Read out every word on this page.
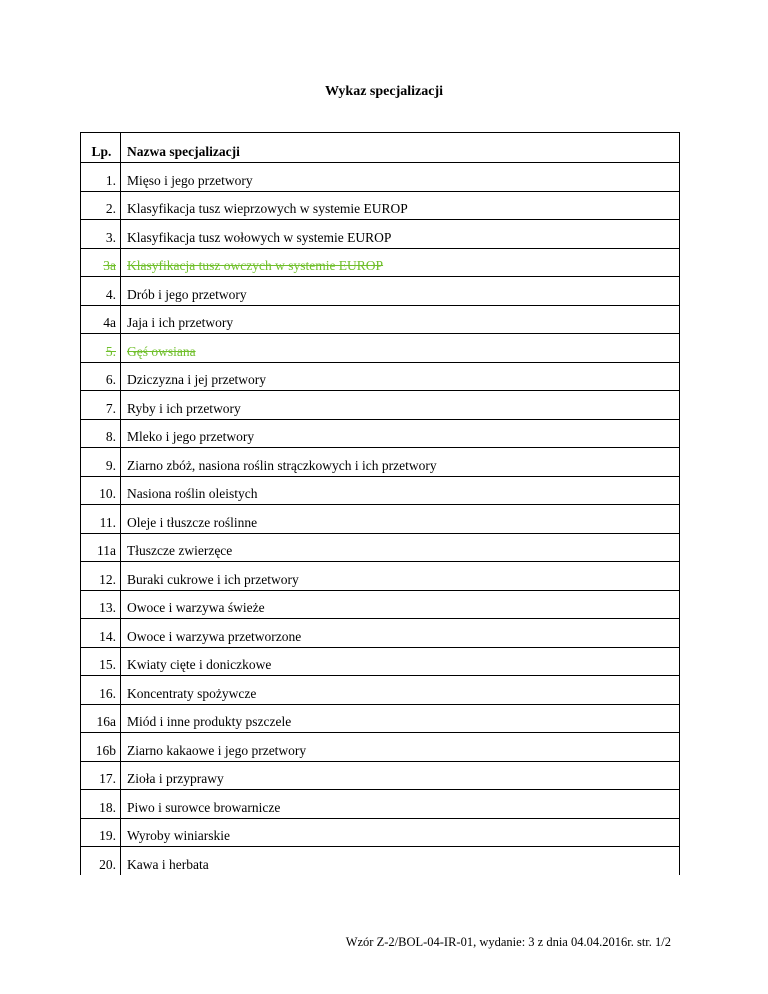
Wykaz specjalizacji
Lp.	Nazwa specjalizacji
1.	Mięso i jego przetwory
2.	Klasyfikacja tusz wieprzowych w systemie EUROP
3.	Klasyfikacja tusz wołowych w systemie EUROP
3a	Klasyfikacja tusz owczych w systemie EUROP
4.	Drób i jego przetwory
4a	Jaja i ich przetwory
5.	Gęś owsiana
6.	Dziczyzna i jej przetwory
7.	Ryby i ich przetwory
8.	Mleko i jego przetwory
9.	Ziarno zbóż, nasiona roślin strączkowych i ich przetwory
10.	Nasiona roślin oleistych
11.	Oleje i tłuszcze roślinne
11a	Tłuszcze zwierzęce
12.	Buraki cukrowe i ich przetwory
13.	Owoce i warzywa świeże
14.	Owoce i warzywa przetworzone
15.	Kwiaty cięte i doniczkowe
16.	Koncentraty spożywcze
16a	Miód i inne produkty pszczele
16b	Ziarno kakaowe i jego przetwory
17.	Zioła i przyprawy
18.	Piwo i surowce browarnicze
19.	Wyroby winiarskie
20.	Kawa i herbata
Wzór Z-2/BOL-04-IR-01, wydanie: 3 z dnia 04.04.2016r. str. 1/2
